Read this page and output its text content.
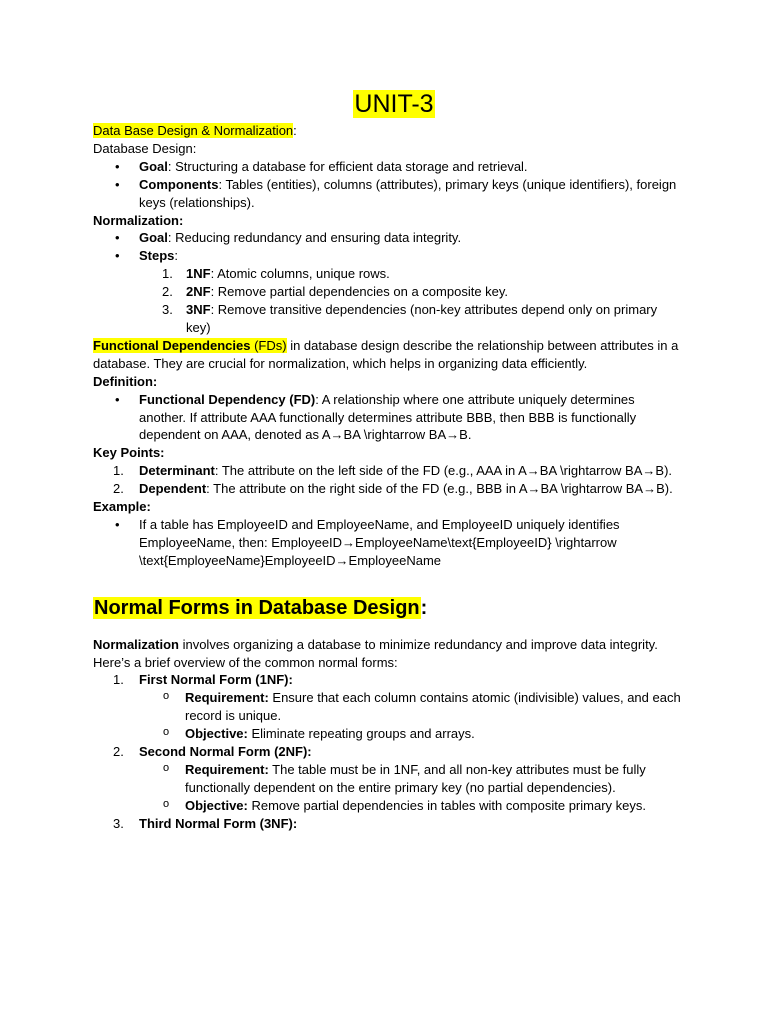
UNIT-3

Data Base Design & Normalization:

Database Design:

• Goal: Structuring a database for efficient data storage and retrieval.
• Components: Tables (entities), columns (attributes), primary keys (unique identifiers), foreign keys (relationships).

Normalization:

• Goal: Reducing redundancy and ensuring data integrity.
• Steps:
1. 1NF: Atomic columns, unique rows.
2. 2NF: Remove partial dependencies on a composite key.
3. 3NF: Remove transitive dependencies (non-key attributes depend only on primary key)

Functional Dependencies (FDs) in database design describe the relationship between attributes in a database. They are crucial for normalization, which helps in organizing data efficiently.

Definition:

• Functional Dependency (FD): A relationship where one attribute uniquely determines another. If attribute AAA functionally determines attribute BBB, then BBB is functionally dependent on AAA, denoted as A→BA \rightarrow BA→B.

Key Points:

1. Determinant: The attribute on the left side of the FD (e.g., AAA in A→BA \rightarrow BA→B).
2. Dependent: The attribute on the right side of the FD (e.g., BBB in A→BA \rightarrow BA→B).

Example:

• If a table has EmployeeID and EmployeeName, and EmployeeID uniquely identifies EmployeeName, then: EmployeeID→EmployeeName\text{EmployeeID} \rightarrow \text{EmployeeName}EmployeeID→EmployeeName
Normal Forms in Database Design:

Normalization involves organizing a database to minimize redundancy and improve data integrity. Here’s a brief overview of the common normal forms:

1. First Normal Form (1NF):
o Requirement: Ensure that each column contains atomic (indivisible) values, and each record is unique.
o Objective: Eliminate repeating groups and arrays.
2. Second Normal Form (2NF):
o Requirement: The table must be in 1NF, and all non-key attributes must be fully functionally dependent on the entire primary key (no partial dependencies).
o Objective: Remove partial dependencies in tables with composite primary keys.
3. Third Normal Form (3NF):
